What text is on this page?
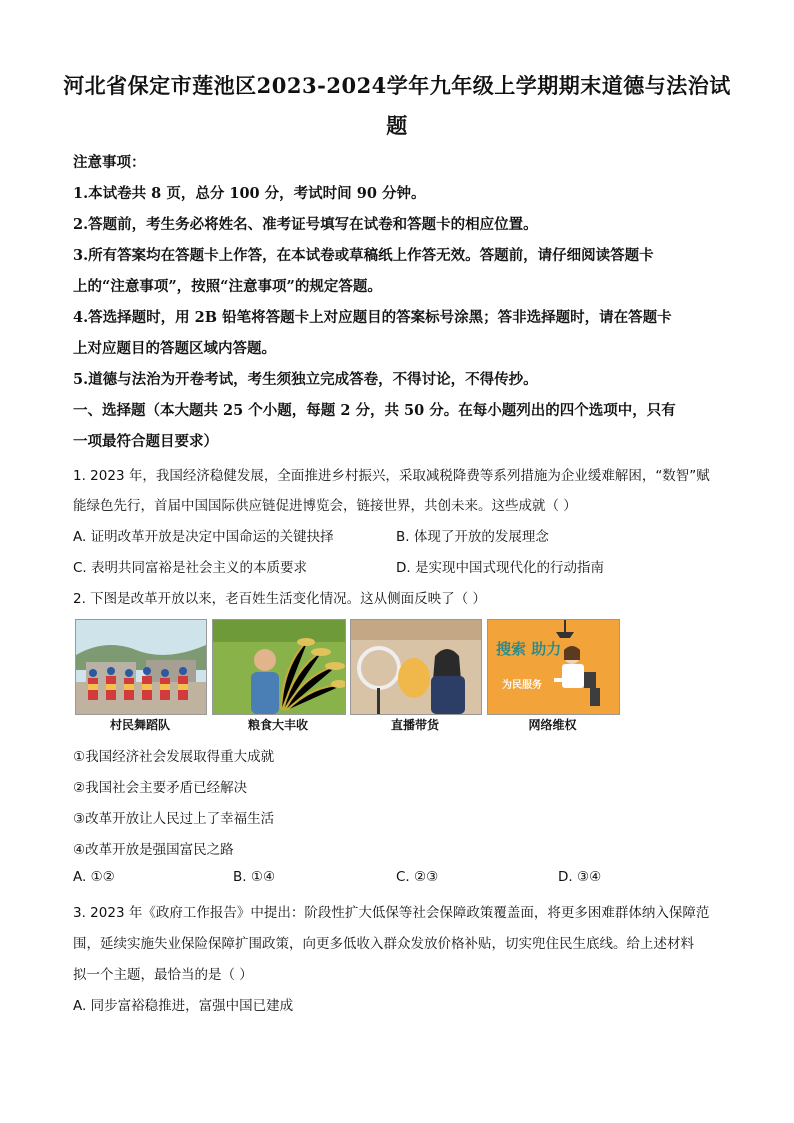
河北省保定市莲池区2023-2024学年九年级上学期期末道德与法治试
题
注意事项：
1.本试卷共 8 页，总分 100 分，考试时间 90 分钟。
2.答题前，考生务必将姓名、准考证号填写在试卷和答题卡的相应位置。
3.所有答案均在答题卡上作答，在本试卷或草稿纸上作答无效。答题前，请仔细阅读答题卡
上的“注意事项”，按照“注意事项”的规定答题。
4.答选择题时，用 2B 铅笔将答题卡上对应题目的答案标号涂黑；答非选择题时，请在答题卡
上对应题目的答题区域内答题。
5.道德与法治为开卷考试，考生须独立完成答卷，不得讨论，不得传抄。
一、选择题（本大题共 25 个小题，每题 2 分，共 50 分。在每小题列出的四个选项中，只有
一项最符合题目要求）
1. 2023 年，我国经济稳健发展，全面推进乡村振兴，采取减税降费等系列措施为企业缓难解困，“数智”赋
能绿色先行，首届中国国际供应链促进博览会，链接世界，共创未来。这些成就（ ）
A. 证明改革开放是决定中国命运的关键抉择	B. 体现了开放的发展理念
C. 表明共同富裕是社会主义的本质要求	D. 是实现中国式现代化的行动指南
2. 下图是改革开放以来，老百姓生活变化情况。这从侧面反映了（ ）
村民舞蹈队	粮食大丰收	直播带货
搜索 助力
为民服务
网络维权
①我国经济社会发展取得重大成就
②我国社会主要矛盾已经解决
③改革开放让人民过上了幸福生活
④改革开放是强国富民之路
A. ①②	B. ①④	C. ②③	D. ③④
3. 2023 年《政府工作报告》中提出：阶段性扩大低保等社会保障政策覆盖面，将更多困难群体纳入保障范
围，延续实施失业保险保障扩围政策，向更多低收入群众发放价格补贴，切实兜住民生底线。给上述材料
拟一个主题，最恰当的是（ ）
A. 同步富裕稳推进，富强中国已建成
